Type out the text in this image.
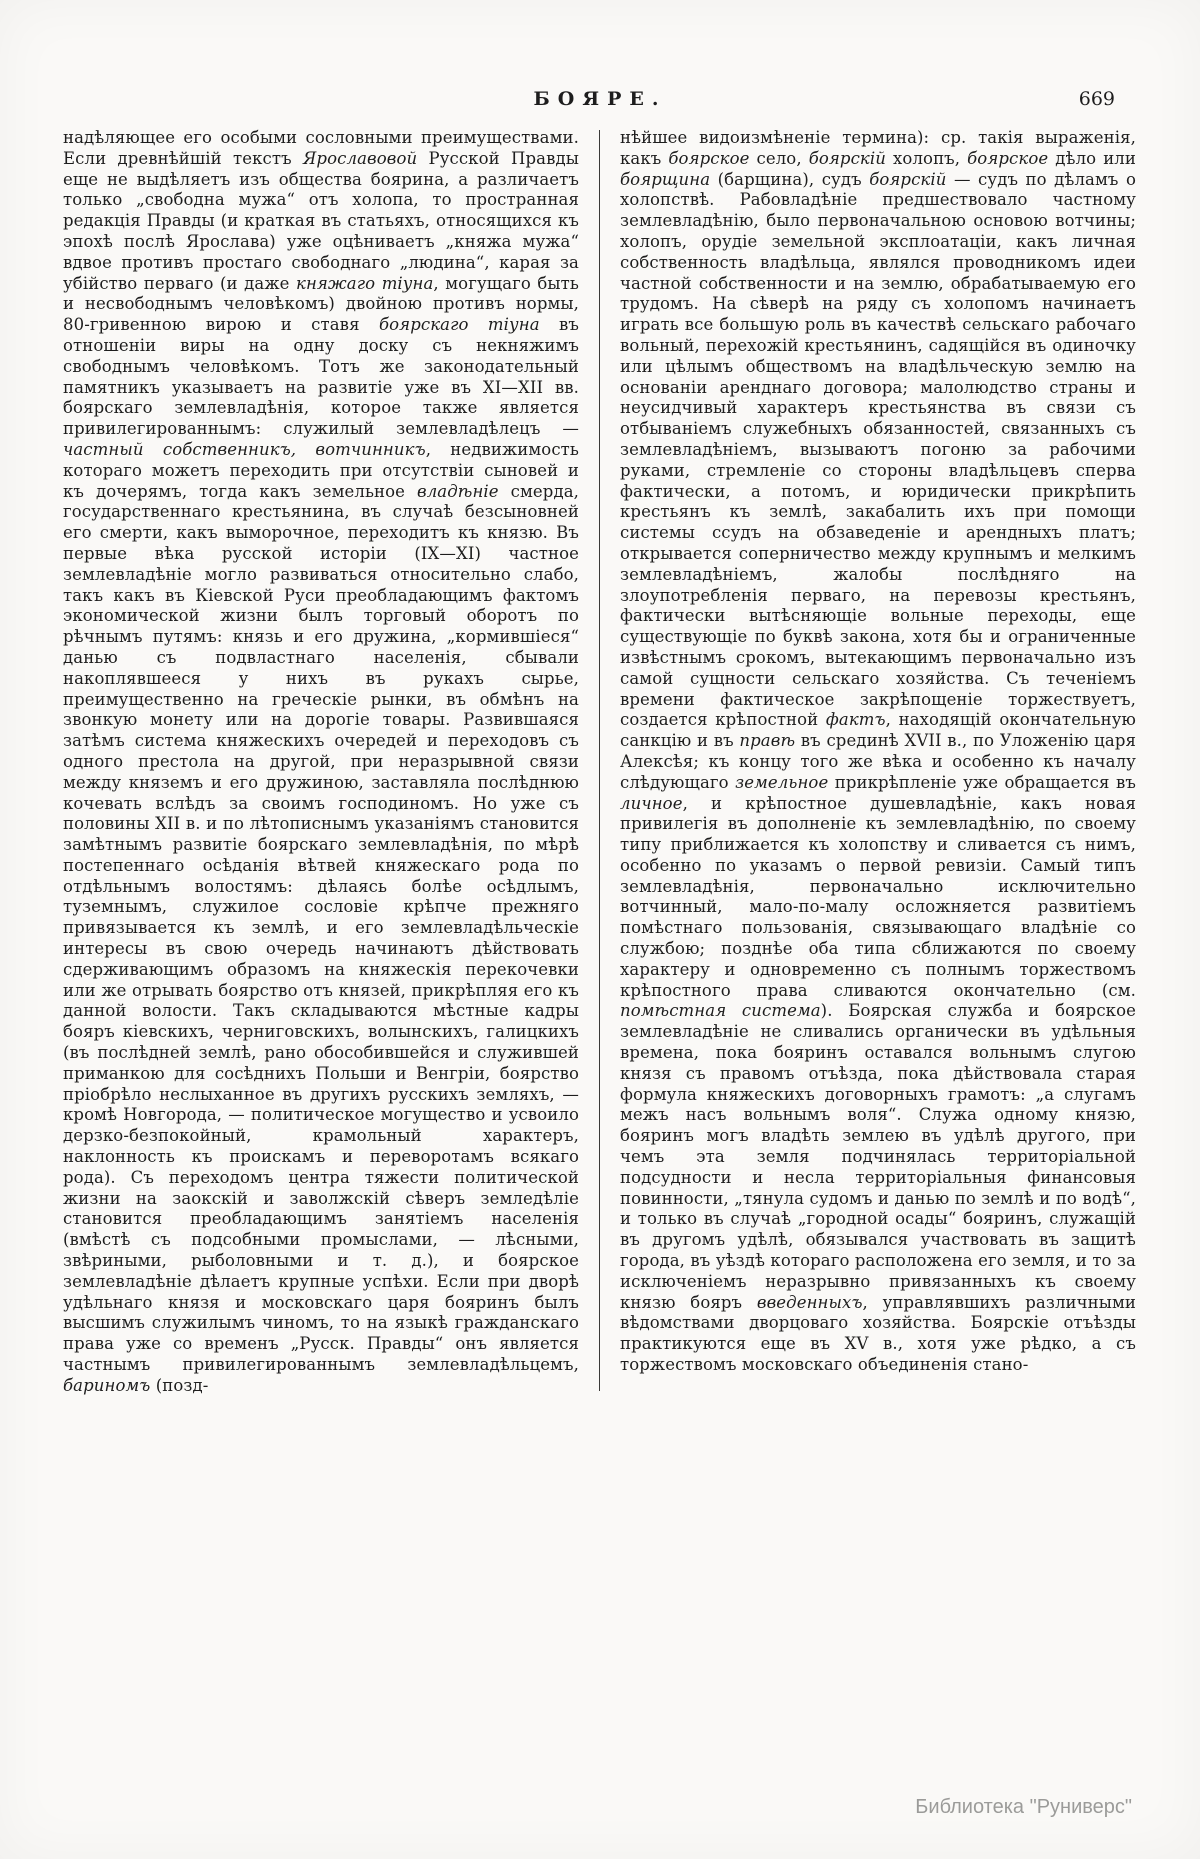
БОЯРЕ.	669
надѣляющее его особыми сословными преимуществами. Если древнѣйшій текстъ Ярославовой Русской Правды еще не выдѣляетъ изъ общества боярина, а различаетъ только „свободна мужа“ отъ холопа, то пространная редакція Правды (и краткая въ статьяхъ, относящихся къ эпохѣ послѣ Ярослава) уже оцѣниваетъ „княжа мужа“ вдвое противъ простаго свободнаго „людина“, карая за убійство перваго (и даже княжаго тіуна, могущаго быть и несвободнымъ человѣкомъ) двойною противъ нормы, 80-гривенною вирою и ставя боярскаго тіуна въ отношеніи виры на одну доску съ некняжимъ свободнымъ человѣкомъ. Тотъ же законодательный памятникъ указываетъ на развитіе уже въ XI—XII вв. боярскаго землевладѣнія, которое также является привилегированнымъ: служилый землевладѣлецъ — частный собственникъ, вотчинникъ, недвижимость котораго можетъ переходить при отсутствіи сыновей и къ дочерямъ, тогда какъ земельное владѣніе смерда, государственнаго крестьянина, въ случаѣ безсыновней его смерти, какъ выморочное, переходитъ къ князю. Въ первые вѣка русской исторіи (IX—XI) частное землевладѣніе могло развиваться относительно слабо, такъ какъ въ Кіевской Руси преобладающимъ фактомъ экономической жизни былъ торговый оборотъ по рѣчнымъ путямъ: князь и его дружина, „кормившіеся“ данью съ подвластнаго населенія, сбывали накоплявшееся у нихъ въ рукахъ сырье, преимущественно на греческіе рынки, въ обмѣнъ на звонкую монету или на дорогіе товары. Развившаяся затѣмъ система княжескихъ очередей и переходовъ съ одного престола на другой, при неразрывной связи между княземъ и его дружиною, заставляла послѣднюю кочевать вслѣдъ за своимъ господиномъ. Но уже съ половины XII в. и по лѣтописнымъ указаніямъ становится замѣтнымъ развитіе боярскаго землевладѣнія, по мѣрѣ постепеннаго осѣданія вѣтвей княжескаго рода по отдѣльнымъ волостямъ: дѣлаясь болѣе осѣдлымъ, туземнымъ, служилое сословіе крѣпче прежняго привязывается къ землѣ, и его землевладѣльческіе интересы въ свою очередь начинаютъ дѣйствовать сдерживающимъ образомъ на княжескія перекочевки или же отрывать боярство отъ князей, прикрѣпляя его къ данной волости. Такъ складываются мѣстные кадры бояръ кіевскихъ, черниговскихъ, волынскихъ, галицкихъ (въ послѣдней землѣ, рано обособившейся и служившей приманкою для сосѣднихъ Польши и Венгріи, боярство пріобрѣло неслыханное въ другихъ русскихъ земляхъ, — кромѣ Новгорода, — политическое могущество и усвоило дерзко-безпокойный, крамольный характеръ, наклонность къ проискамъ и переворотамъ всякаго рода). Съ переходомъ центра тяжести политической жизни на заокскій и заволжскій сѣверъ земледѣліе становится преобладающимъ занятіемъ населенія (вмѣстѣ съ подсобными промыслами, — лѣсными, звѣриными, рыболовными и т. д.), и боярское землевладѣніе дѣлаетъ крупные успѣхи. Если при дворѣ удѣльнаго князя и московскаго царя бояринъ былъ высшимъ служилымъ чиномъ, то на языкѣ гражданскаго права уже со временъ „Русск. Правды“ онъ является частнымъ привилегированнымъ землевладѣльцемъ, бариномъ (позд-
нѣйшее видоизмѣненіе термина): ср. такія выраженія, какъ боярское село, боярскій холопъ, боярское дѣло или боярщина (барщина), судъ боярскій — судъ по дѣламъ о холопствѣ. Рабовладѣніе предшествовало частному землевладѣнію, было первоначальною основою вотчины; холопъ, орудіе земельной эксплоатаціи, какъ личная собственность владѣльца, являлся проводникомъ идеи частной собственности и на землю, обрабатываемую его трудомъ. На сѣверѣ на ряду съ холопомъ начинаетъ играть все большую роль въ качествѣ сельскаго рабочаго вольный, перехожій крестьянинъ, садящійся въ одиночку или цѣлымъ обществомъ на владѣльческую землю на основаніи аренднаго договора; малолюдство страны и неусидчивый характеръ крестьянства въ связи съ отбываніемъ служебныхъ обязанностей, связанныхъ съ землевладѣніемъ, вызываютъ погоню за рабочими руками, стремленіе со стороны владѣльцевъ сперва фактически, а потомъ, и юридически прикрѣпить крестьянъ къ землѣ, закабалить ихъ при помощи системы ссудъ на обзаведеніе и арендныхъ платъ; открывается соперничество между крупнымъ и мелкимъ землевладѣніемъ, жалобы послѣдняго на злоупотребленія перваго, на перевозы крестьянъ, фактически вытѣсняющіе вольные переходы, еще существующіе по буквѣ закона, хотя бы и ограниченные извѣстнымъ срокомъ, вытекающимъ первоначально изъ самой сущности сельскаго хозяйства. Съ теченіемъ времени фактическое закрѣпощеніе торжествуетъ, создается крѣпостной фактъ, находящій окончательную санкцію и въ правѣ въ срединѣ XVII в., по Уложенію царя Алексѣя; къ концу того же вѣка и особенно къ началу слѣдующаго земельное прикрѣпленіе уже обращается въ личное, и крѣпостное душевладѣніе, какъ новая привилегія въ дополненіе къ землевладѣнію, по своему типу приближается къ холопству и сливается съ нимъ, особенно по указамъ о первой ревизіи. Самый типъ землевладѣнія, первоначально исключительно вотчинный, мало-по-малу осложняется развитіемъ помѣстнаго пользованія, связывающаго владѣніе со службою; позднѣе оба типа сближаются по своему характеру и одновременно съ полнымъ торжествомъ крѣпостного права сливаются окончательно (см. помѣстная система). Боярская служба и боярское землевладѣніе не сливались органически въ удѣльныя времена, пока бояринъ оставался вольнымъ слугою князя съ правомъ отъѣзда, пока дѣйствовала старая формула княжескихъ договорныхъ грамотъ: „а слугамъ межъ насъ вольнымъ воля“. Служа одному князю, бояринъ могъ владѣть землею въ удѣлѣ другого, при чемъ эта земля подчинялась территоріальной подсудности и несла территоріальныя финансовыя повинности, „тянула судомъ и данью по землѣ и по водѣ“, и только въ случаѣ „городной осады“ бояринъ, служащій въ другомъ удѣлѣ, обязывался участвовать въ защитѣ города, въ уѣздѣ котораго расположена его земля, и то за исключеніемъ неразрывно привязанныхъ къ своему князю бояръ введенныхъ, управлявшихъ различными вѣдомствами дворцоваго хозяйства. Боярскіе отъѣзды практикуются еще въ XV в., хотя уже рѣдко, а съ торжествомъ московскаго объединенія стано-
Библиотека "Руниверс"
